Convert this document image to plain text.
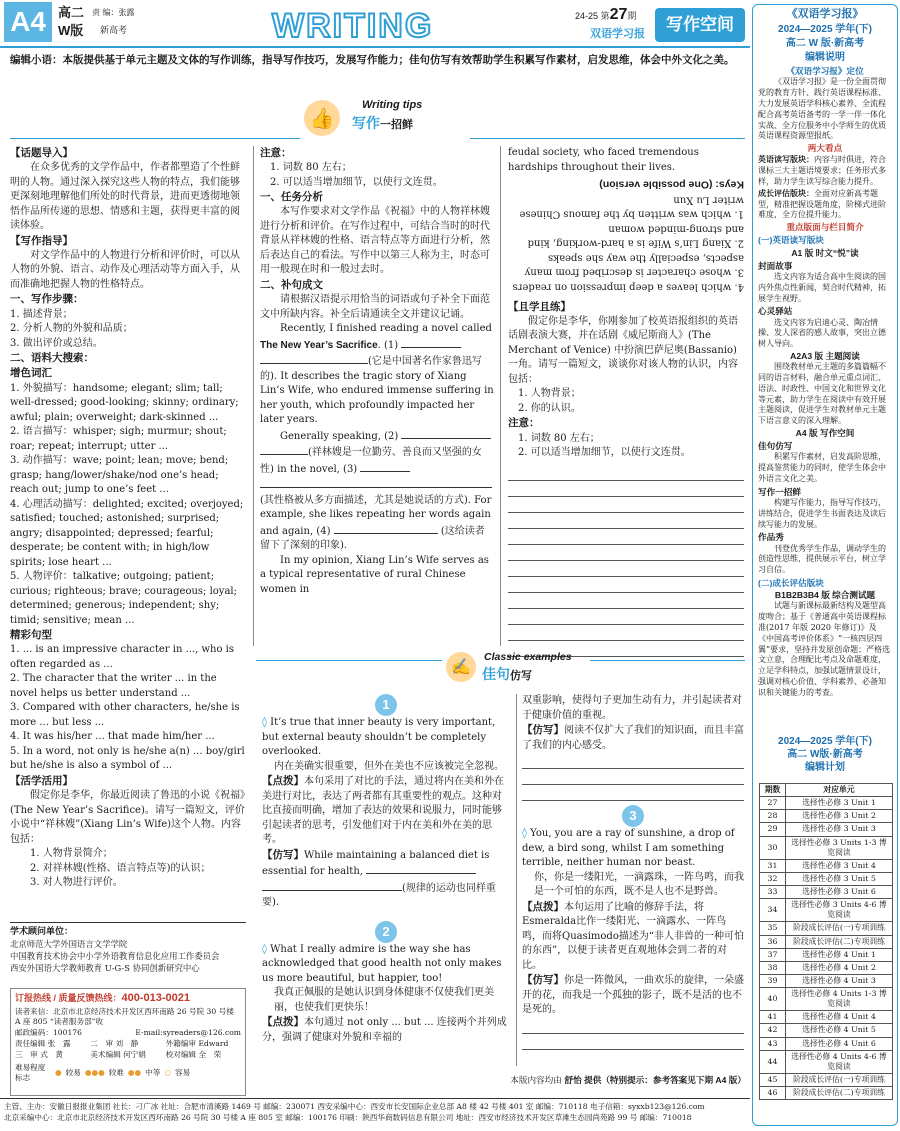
A4 高二 责 编：张露
W版 新高考	WRITING	24-25 第27期
双语学习报	写作空间
编辑小语：本版提供基于单元主题及文体的写作训练，指导写作技巧，发展写作能力；佳句仿写有效帮助学生积累写作素材，启发思维，体会中外文化之美。
👍
Writing tips
写作一招鲜
【话题导入】
在众多优秀的文学作品中，作者都塑造了个性鲜明的人物。通过深入探究这些人物的特点，我们能够更深刻地理解他们所处的时代背景，进而更透彻地领悟作品所传递的思想、情感和主题，获得更丰富的阅读体验。
【写作指导】
对文学作品中的人物进行分析和评价时，可以从人物的外貌、语言、动作及心理活动等方面入手，从而准确地把握人物的性格特点。
一、写作步骤：
1. 描述背景；
2. 分析人物的外貌和品质；
3. 做出评价或总结。
二、语料大搜索：
增色词汇
1. 外貌描写：handsome; elegant; slim; tall; well-dressed; good-looking; skinny; ordinary; awful; plain; overweight; dark-skinned ...
2. 语言描写：whisper; sigh; murmur; shout; roar; repeat; interrupt; utter ...
3. 动作描写：wave; point; lean; move; bend; grasp; hang/lower/shake/nod one’s head; reach out; jump to one’s feet ...
4. 心理活动描写：delighted; excited; overjoyed; satisfied; touched; astonished; surprised; angry; disappointed; depressed; fearful; desperate; be content with; in high/low spirits; lose heart ...
5. 人物评价：talkative; outgoing; patient; curious; righteous; brave; courageous; loyal; determined; generous; independent; shy; timid; sensitive; mean ...
精彩句型
1. ... is an impressive character in ..., who is often regarded as ...
2. The character that the writer ... in the novel helps us better understand ...
3. Compared with other characters, he/she is more ... but less ...
4. It was his/her ... that made him/her ...
5. In a word, not only is he/she a(n) ... boy/girl but he/she is also a symbol of ...
【活学活用】
假定你是李华，你最近阅读了鲁迅的小说《祝福》(The New Year’s Sacrifice)。请写一篇短文，评价小说中“祥林嫂”(Xiang Lin’s Wife)这个人物。内容包括：
1. 人物背景简介；
2. 对祥林嫂(性格、语言特点等)的认识；
3. 对人物进行评价。
学术顾问单位：
北京师范大学外国语言文学学院
中国教育技术协会中小学外语教育信息化应用工作委员会
西安外国语大学教师教育 U-G-S 协同创新研究中心
订报热线 / 质量反馈热线：400-013-0021
读者来信：北京市北京经济技术开发区西环南路 26 号院 30 号楼 A 座 805 “读者服务部”收
邮政编码：100176	E-mail:syreaders@126.com
责任编辑 张　露	二　审 刘　静	外籍编审 Edward
三　审 式　黄	美术编辑 何宁娟	校对编辑 全　荣
难易程度 标志
● 较易 ●●● 较难 ●● 中等 ○ 容易
注意：
1. 词数 80 左右；
2. 可以适当增加细节，以使行文连贯。
一、任务分析
本写作要求对文学作品《祝福》中的人物祥林嫂进行分析和评价。在写作过程中，可结合当时的时代背景从祥林嫂的性格、语言特点等方面进行分析，然后表达自己的看法。写作中以第三人称为主，时态可用一般现在时和一般过去时。
二、补句成文
请根据汉语提示用恰当的词语或句子补全下面范文中所缺内容。补全后请通读全文并建议记诵。
Recently, I finished reading a novel called The New Year’s Sacrifice. (1)  (它是中国著名作家鲁迅写的). It describes the tragic story of Xiang Lin’s Wife, who endured immense suffering in her youth, which profoundly impacted her later years.
Generally speaking, (2)  (祥林嫂是一位勤劳、善良而又坚强的女性) in the novel, (3)   (其性格被从多方面描述，尤其是她说话的方式). For example, she likes repeating her words again and again, (4)	(这给读者留下了深刻的印象).
In my opinion, Xiang Lin’s Wife serves as a typical representative of rural Chinese women in
feudal society, who faced tremendous hardships throughout their lives.
4. which leaves a deep impression on readers
3. whose character is described from many aspects, especially the way she speaks
2. Xiang Lin’s Wife is a hard-working, kind and strong-minded woman
1. which was written by the famous Chinese writer Lu Xun
Keys: (One possible version)
【且学且练】
假定你是李华，你刚参加了校英语报组织的英语话剧表演大赛，并在话剧《威尼斯商人》(The Merchant of Venice) 中扮演巴萨尼奥(Bassanio)一角。请写一篇短文，谈谈你对该人物的认识，内容包括：
1. 人物背景；
2. 你的认识。
注意：
1. 词数 80 左右；
2. 可以适当增加细节，以使行文连贯。
✍	Classic examples
佳句仿写
1
◊ It’s true that inner beauty is very important, but external beauty shouldn’t be completely overlooked.
内在美确实很重要，但外在美也不应该被完全忽视。
【点拨】本句采用了对比的手法，通过将内在美和外在美进行对比，表达了两者都有其重要性的观点。这种对比直接而明确，增加了表达的效果和说服力，同时能够引起读者的思考，引发他们对于内在美和外在美的思考。
【仿写】While maintaining a balanced diet is essential for health, (规律的运动也同样重要).
2
◊ What I really admire is the way she has acknowledged that good health not only makes us more beautiful, but happier, too!
我真正佩服的是她认识到身体健康不仅使我们更美丽，也使我们更快乐！
【点拨】本句通过 not only ... but ... 连接两个并列成分，强调了健康对外貌和幸福的
双重影响，使得句子更加生动有力，并引起读者对于健康价值的重视。
【仿写】阅读不仅扩大了我们的知识面，而且丰富了我们的内心感受。
3
◊ You, you are a ray of sunshine, a drop of dew, a bird song, whilst I am something terrible, neither human nor beast.
你，你是一缕阳光，一滴露珠，一阵鸟鸣，而我是一个可怕的东西，既不是人也不是野兽。
【点拨】本句运用了比喻的修辞手法，将Esmeralda比作一缕阳光、一滴露水、一阵鸟鸣，而将Quasimodo描述为“非人非兽的一种可怕的东西”，以便于读者更直观地体会到二者的对比。
【仿写】你是一阵微风，一曲欢乐的旋律，一朵盛开的花，而我是一个孤独的影子，既不是活的也不是死的。
本版内容均由 舒怡 提供（特别提示：参考答案见下期 A4 版）
主管、主办：安徽日报报业集团 社长：刁广冰 社址：合肥市清溪路 1469 号 邮编：230071 西安采编中心：西安市长安国际企业总部 A8 楼 42 号楼 401 室 邮编：710118 电子信箱：syxxb123@126.com
北京采编中心：北京市北京经济技术开发区西环南路 26 号院 30 号楼 A 座 805 室 邮编：100176 印刷：陕西华商数码信息有限公司 地址：西安市经济技术开发区草滩生态园尚苑路 99 号 邮编：710018
《双语学习报》
2024—2025 学年(下)
高二 W 版·新高考
编辑说明
《双语学习报》定位
《双语学习报》是一份全面贯彻党的教育方针、践行英语课程标准、大力发展英语学科核心素养、全流程配合高考英语备考的一学一伴一体化实战、全方位服务中小学师生的优质英语课程资源型报纸。
两大看点
英语读写版块：内容与时俱进，符合课标三大主题语境要求；任务形式多样，助力学生读写综合能力提升。
成长评估版块：全面对应新高考题型，精准把握设题角度，阶梯式进阶难度，全方位提升能力。
重点版面与栏目简介
(一)英语读写版块
A1 版 时文“悦”读
封面故事
选文内容为适合高中生阅读的国内外焦点性新闻，契合时代精神，拓展学生视野。
心灵驿站
选文内容为启迪心灵、陶冶情操、发人深省的感人故事，突出立德树人导向。
A2A3 版 主题阅读
围绕教材单元主题的多篇篇幅不同的语言材料，融合单元重点词汇、语法、时政性、中国文化和世界文化等元素，助力学生在阅读中有效开展主题阅读，促进学生对教材单元主题下语言意义的深入理解。
A4 版 写作空间
佳句仿写
积累写作素材，启发高阶思维，提高鉴赏能力的同时，使学生体会中外语言文化之美。
写作一招鲜
构建写作能力，指导写作技巧，讲练结合，促进学生书面表达及读后续写能力的发展。
作品秀
刊登优秀学生作品，调动学生的创造性思维，提供展示平台，树立学习自信。
(二)成长评估版块
B1B2B3B4 版 综合测试题
试题与新课标最新结构及题型高度吻合；基于《普通高中英语课程标准(2017 年版 2020 年修订)》及《中国高考评价体系》“一核四层四翼”要求，坚持并发原创命题；严格选文立意，合理配比考点及命题难度，立足学科特点，加强试题情景设计，强调对核心价值、学科素养、必备知识和关键能力的考查。
2024—2025 学年(下)
高二 W版·新高考
编辑计划
期数	对应单元
27	选择性必修 3 Unit 1
28	选择性必修 3 Unit 2
29	选择性必修 3 Unit 3
30	选择性必修 3 Units 1-3 博览阅读
31	选择性必修 3 Unit 4
32	选择性必修 3 Unit 5
33	选择性必修 3 Unit 6
34	选择性必修 3 Units 4-6 博览阅读
35	阶段成长评估(一)专项训练
36	阶段成长评估(二)专项训练
37	选择性必修 4 Unit 1
38	选择性必修 4 Unit 2
39	选择性必修 4 Unit 3
40	选择性必修 4 Units 1-3 博览阅读
41	选择性必修 4 Unit 4
42	选择性必修 4 Unit 5
43	选择性必修 4 Unit 6
44	选择性必修 4 Units 4-6 博览阅读
45	阶段成长评估(一)专项训练
46	阶段成长评估(二)专项训练
